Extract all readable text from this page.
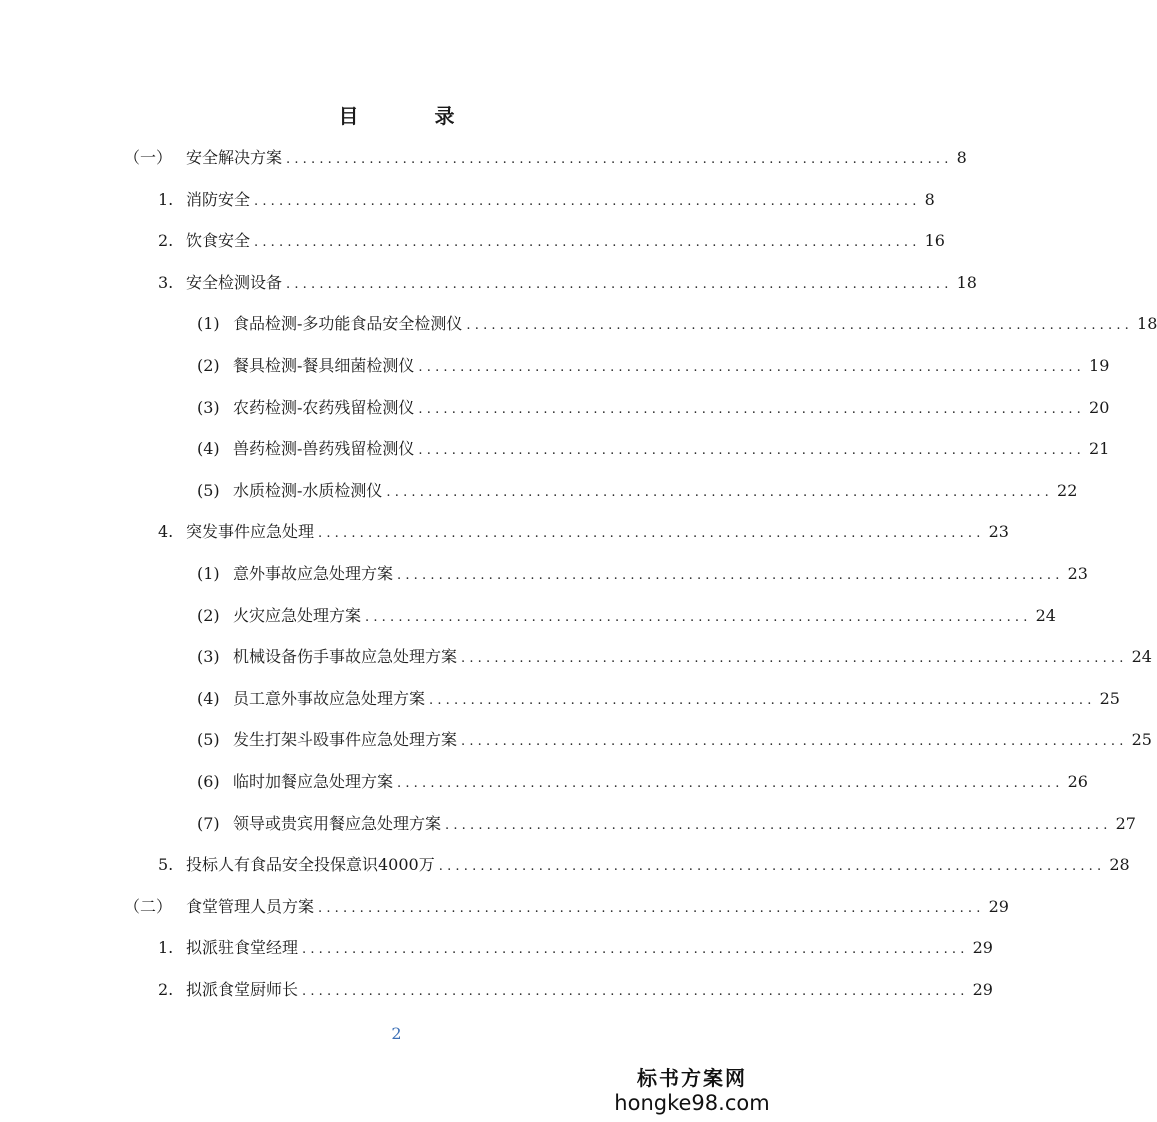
目　录
（一） 安全解决方案 ................................................................................ 8
1. 消防安全 ................................................................................ 8
2. 饮食安全 ................................................................................ 16
3. 安全检测设备 ................................................................................ 18
(1) 食品检测-多功能食品安全检测仪 ................................................................................ 18
(2) 餐具检测-餐具细菌检测仪 ................................................................................ 19
(3) 农药检测-农药残留检测仪 ................................................................................ 20
(4) 兽药检测-兽药残留检测仪 ................................................................................ 21
(5) 水质检测-水质检测仪 ................................................................................ 22
4. 突发事件应急处理 ................................................................................ 23
(1) 意外事故应急处理方案 ................................................................................ 23
(2) 火灾应急处理方案 ................................................................................ 24
(3) 机械设备伤手事故应急处理方案 ................................................................................ 24
(4) 员工意外事故应急处理方案 ................................................................................ 25
(5) 发生打架斗殴事件应急处理方案 ................................................................................ 25
(6) 临时加餐应急处理方案 ................................................................................ 26
(7) 领导或贵宾用餐应急处理方案 ................................................................................ 27
5. 投标人有食品安全投保意识4000万 ................................................................................ 28
（二） 食堂管理人员方案 ................................................................................ 29
1. 拟派驻食堂经理 ................................................................................ 29
2. 拟派食堂厨师长 ................................................................................ 29
2
标书方案网
hongke98.com
